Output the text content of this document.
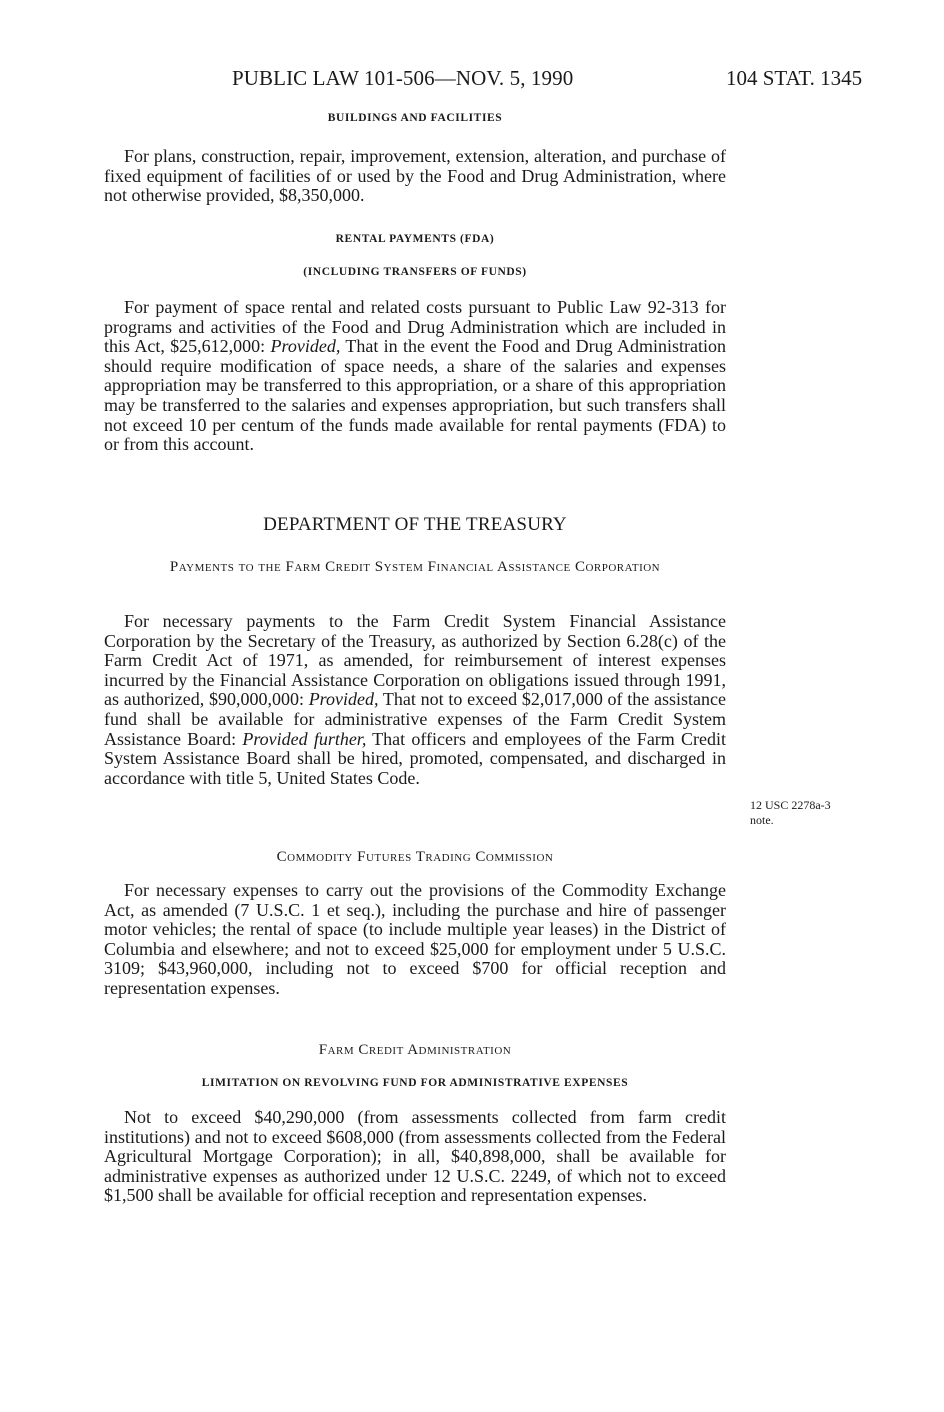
PUBLIC LAW 101-506—NOV. 5, 1990	104 STAT. 1345
BUILDINGS AND FACILITIES

For plans, construction, repair, improvement, extension, alteration, and purchase of fixed equipment of facilities of or used by the Food and Drug Administration, where not otherwise provided, $8,350,000.

RENTAL PAYMENTS (FDA)
(INCLUDING TRANSFERS OF FUNDS)

For payment of space rental and related costs pursuant to Public Law 92-313 for programs and activities of the Food and Drug Administration which are included in this Act, $25,612,000: Provided, That in the event the Food and Drug Administration should require modification of space needs, a share of the salaries and expenses appropriation may be transferred to this appropriation, or a share of this appropriation may be transferred to the salaries and expenses appropriation, but such transfers shall not exceed 10 per centum of the funds made available for rental payments (FDA) to or from this account.

DEPARTMENT OF THE TREASURY
Payments to the Farm Credit System Financial Assistance Corporation

For necessary payments to the Farm Credit System Financial Assistance Corporation by the Secretary of the Treasury, as authorized by Section 6.28(c) of the Farm Credit Act of 1971, as amended, for reimbursement of interest expenses incurred by the Financial Assistance Corporation on obligations issued through 1991, as authorized, $90,000,000: Provided, That not to exceed $2,017,000 of the assistance fund shall be available for administrative expenses of the Farm Credit System Assistance Board: Provided further, That officers and employees of the Farm Credit System Assistance Board shall be hired, promoted, compensated, and discharged in accordance with title 5, United States Code.

12 USC 2278a-3
note.
Commodity Futures Trading Commission

For necessary expenses to carry out the provisions of the Commodity Exchange Act, as amended (7 U.S.C. 1 et seq.), including the purchase and hire of passenger motor vehicles; the rental of space (to include multiple year leases) in the District of Columbia and elsewhere; and not to exceed $25,000 for employment under 5 U.S.C. 3109; $43,960,000, including not to exceed $700 for official reception and representation expenses.

Farm Credit Administration
LIMITATION ON REVOLVING FUND FOR ADMINISTRATIVE EXPENSES

Not to exceed $40,290,000 (from assessments collected from farm credit institutions) and not to exceed $608,000 (from assessments collected from the Federal Agricultural Mortgage Corporation); in all, $40,898,000, shall be available for administrative expenses as authorized under 12 U.S.C. 2249, of which not to exceed $1,500 shall be available for official reception and representation expenses.
